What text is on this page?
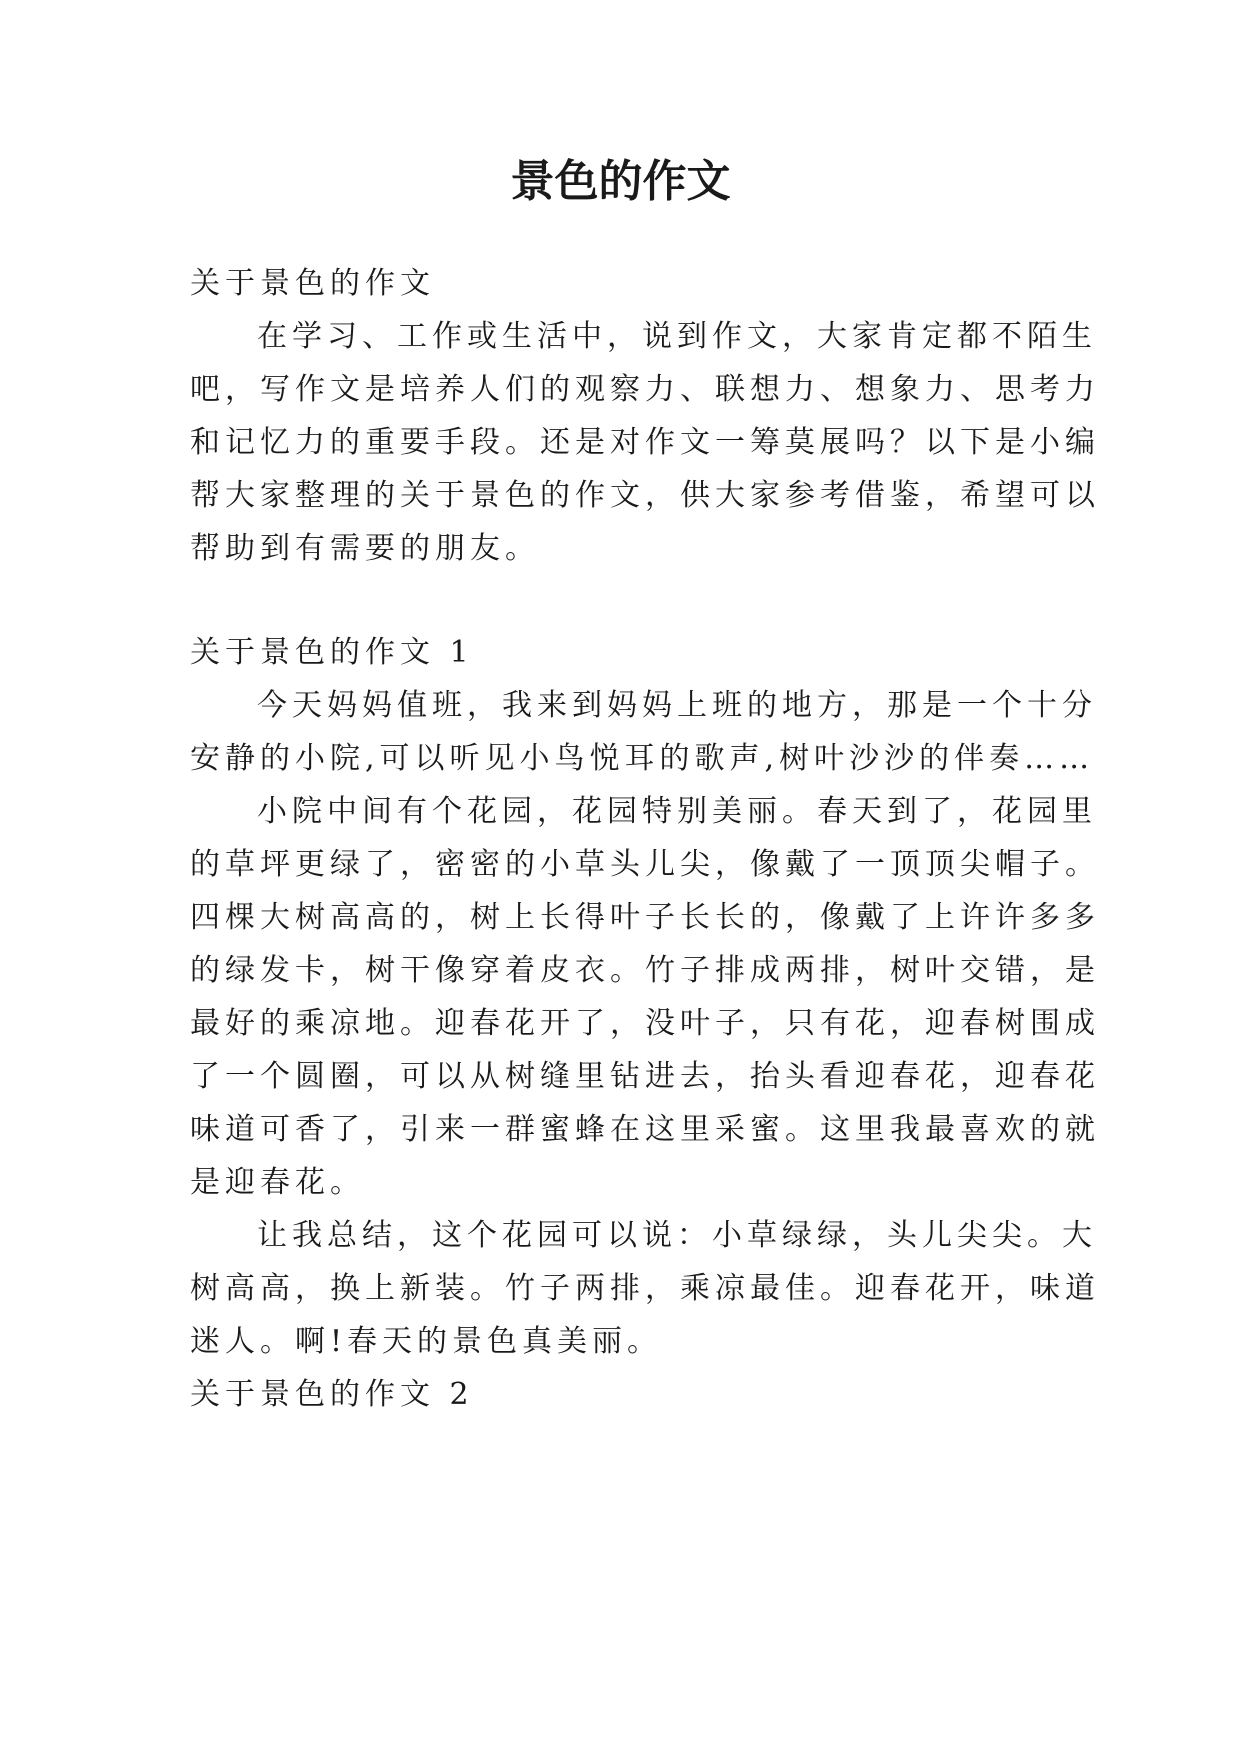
景色的作文

关于景色的作文

在学习、工作或生活中，说到作文，大家肯定都不陌生

吧，写作文是培养人们的观察力、联想力、想象力、思考力

和记忆力的重要手段。还是对作文一筹莫展吗？以下是小编

帮大家整理的关于景色的作文，供大家参考借鉴，希望可以

帮助到有需要的朋友。

关于景色的作文 1

今天妈妈值班，我来到妈妈上班的地方，那是一个十分

安静的小院,可以听见小鸟悦耳的歌声,树叶沙沙的伴奏……

小院中间有个花园，花园特别美丽。春天到了，花园里

的草坪更绿了，密密的小草头儿尖，像戴了一顶顶尖帽子。

四棵大树高高的，树上长得叶子长长的，像戴了上许许多多

的绿发卡，树干像穿着皮衣。竹子排成两排，树叶交错，是

最好的乘凉地。迎春花开了，没叶子，只有花，迎春树围成

了一个圆圈，可以从树缝里钻进去，抬头看迎春花，迎春花

味道可香了，引来一群蜜蜂在这里采蜜。这里我最喜欢的就

是迎春花。

让我总结，这个花园可以说：小草绿绿，头儿尖尖。大

树高高，换上新装。竹子两排，乘凉最佳。迎春花开，味道

迷人。啊!春天的景色真美丽。

关于景色的作文 2
